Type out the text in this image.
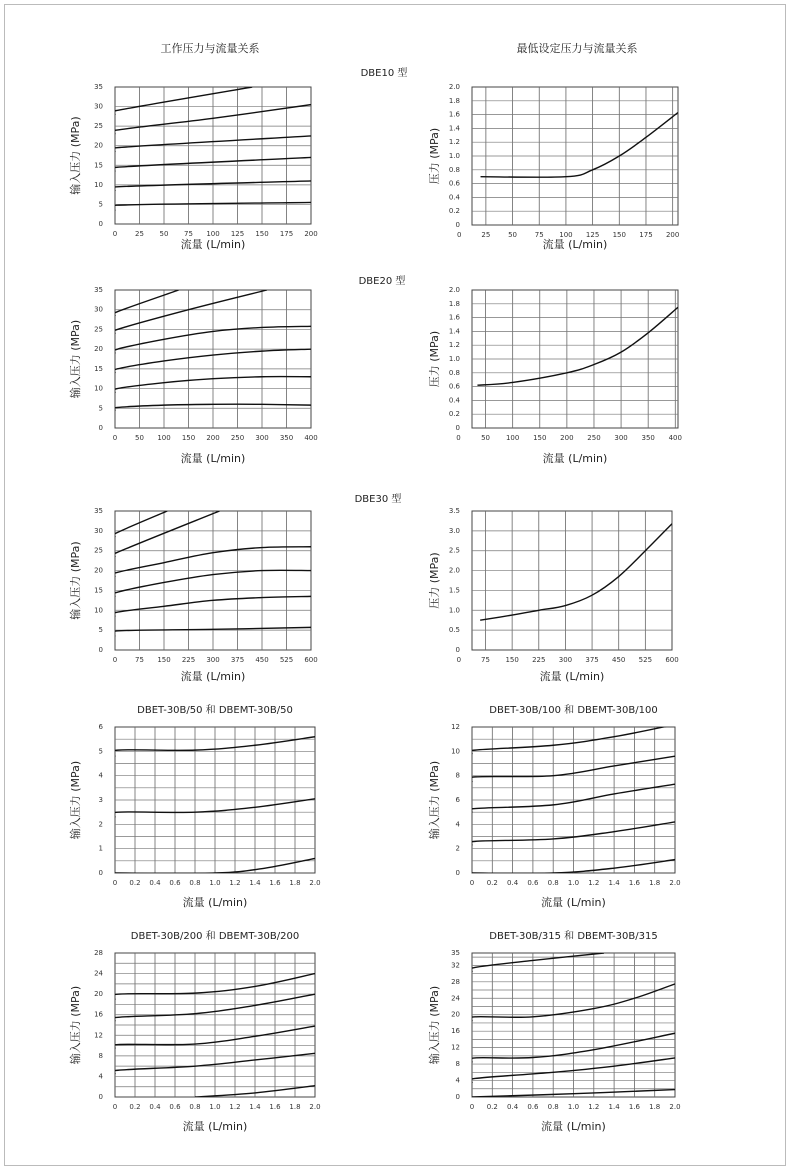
工作压力与流量关系	最低设定压力与流量关系
DBE10 型
DBE20 型
DBE30 型
0	25 50 75 100 125 150 175 200
0
5
10
15
20
25
30
35
流量 (L/min)
输入压力 (MPa)
0	25	50	75 100 125 150 175 200
0
0.2
0.4
0.6
0.8
1.0
1.2
1.4
1.6
1.8
2.0
流量 (L/min)
压力 (MPa)
0	50 100 150 200 250 300 350 400
0
5
10
15
20
25
30
35
流量 (L/min)
输入压力 (MPa)
0	50 100 150 200 250 300 350 400
0
0.2
0.4
0.6
0.8
1.0
1.2
1.4
1.6
1.8
2.0
流量 (L/min)
压力 (MPa)
0	75 150 225 300 375 450 525 600
0
5
10
15
20
25
30
35
流量 (L/min)
输入压力 (MPa)
0	75 150 225 300 375 450 525 600
0
0.5
1.0
1.5
2.0
2.5
3.0
3.5
流量 (L/min)
压力 (MPa)
0 0.2 0.4 0.6 0.8 1.0 1.2 1.4 1.6 1.8 2.0
0
1
2
3
4
5
6
流量 (L/min)
输入压力 (MPa)
DBET-30B/50 和 DBEMT-30B/50
0 0.2 0.4 0.6 0.8 1.0 1.2 1.4 1.6 1.8 2.0
0
2
4
6
8
10
12
流量 (L/min)
输入压力 (MPa)
DBET-30B/100 和 DBEMT-30B/100
0 0.2 0.4 0.6 0.8 1.0 1.2 1.4 1.6 1.8 2.0
0
4
8
12
16
20
24
28
流量 (L/min)
输入压力 (MPa)
DBET-30B/200 和 DBEMT-30B/200
0 0.2 0.4 0.6 0.8 1.0 1.2 1.4 1.6 1.8 2.0
0
4
8
12
16
20
24
28
32
35
流量 (L/min)
输入压力 (MPa)
DBET-30B/315 和 DBEMT-30B/315
